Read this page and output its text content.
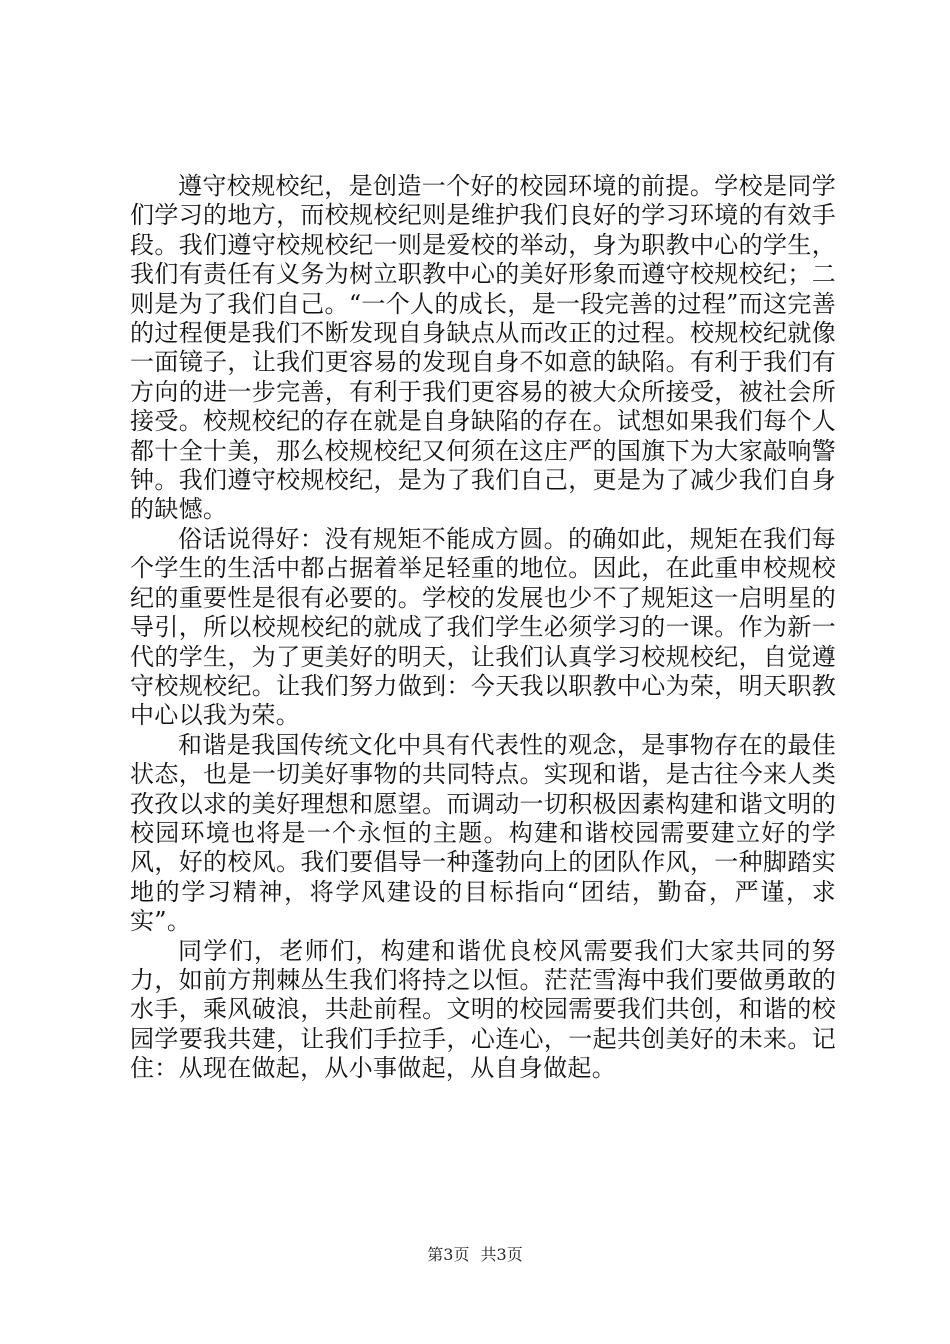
遵守校规校纪，是创造一个好的校园环境的前提。学校是同学们学习的地方，而校规校纪则是维护我们良好的学习环境的有效手段。我们遵守校规校纪一则是爱校的举动，身为职教中心的学生，我们有责任有义务为树立职教中心的美好形象而遵守校规校纪；二则是为了我们自己。“一个人的成长，是一段完善的过程”而这完善的过程便是我们不断发现自身缺点从而改正的过程。校规校纪就像一面镜子，让我们更容易的发现自身不如意的缺陷。有利于我们有方向的进一步完善，有利于我们更容易的被大众所接受，被社会所接受。校规校纪的存在就是自身缺陷的存在。试想如果我们每个人都十全十美，那么校规校纪又何须在这庄严的国旗下为大家敲响警钟。我们遵守校规校纪，是为了我们自己，更是为了减少我们自身的缺憾。

俗话说得好：没有规矩不能成方圆。的确如此，规矩在我们每个学生的生活中都占据着举足轻重的地位。因此，在此重申校规校纪的重要性是很有必要的。学校的发展也少不了规矩这一启明星的导引，所以校规校纪的就成了我们学生必须学习的一课。作为新一代的学生，为了更美好的明天，让我们认真学习校规校纪，自觉遵守校规校纪。让我们努力做到：今天我以职教中心为荣，明天职教中心以我为荣。

和谐是我国传统文化中具有代表性的观念，是事物存在的最佳状态，也是一切美好事物的共同特点。实现和谐，是古往今来人类孜孜以求的美好理想和愿望。而调动一切积极因素构建和谐文明的校园环境也将是一个永恒的主题。构建和谐校园需要建立好的学风，好的校风。我们要倡导一种蓬勃向上的团队作风，一种脚踏实地的学习精神，将学风建设的目标指向“团结，勤奋，严谨，求实”。

同学们，老师们，构建和谐优良校风需要我们大家共同的努力，如前方荆棘丛生我们将持之以恒。茫茫雪海中我们要做勇敢的水手，乘风破浪，共赴前程。文明的校园需要我们共创，和谐的校园学要我共建，让我们手拉手，心连心，一起共创美好的未来。记住：从现在做起，从小事做起，从自身做起。

第3页 共3页
